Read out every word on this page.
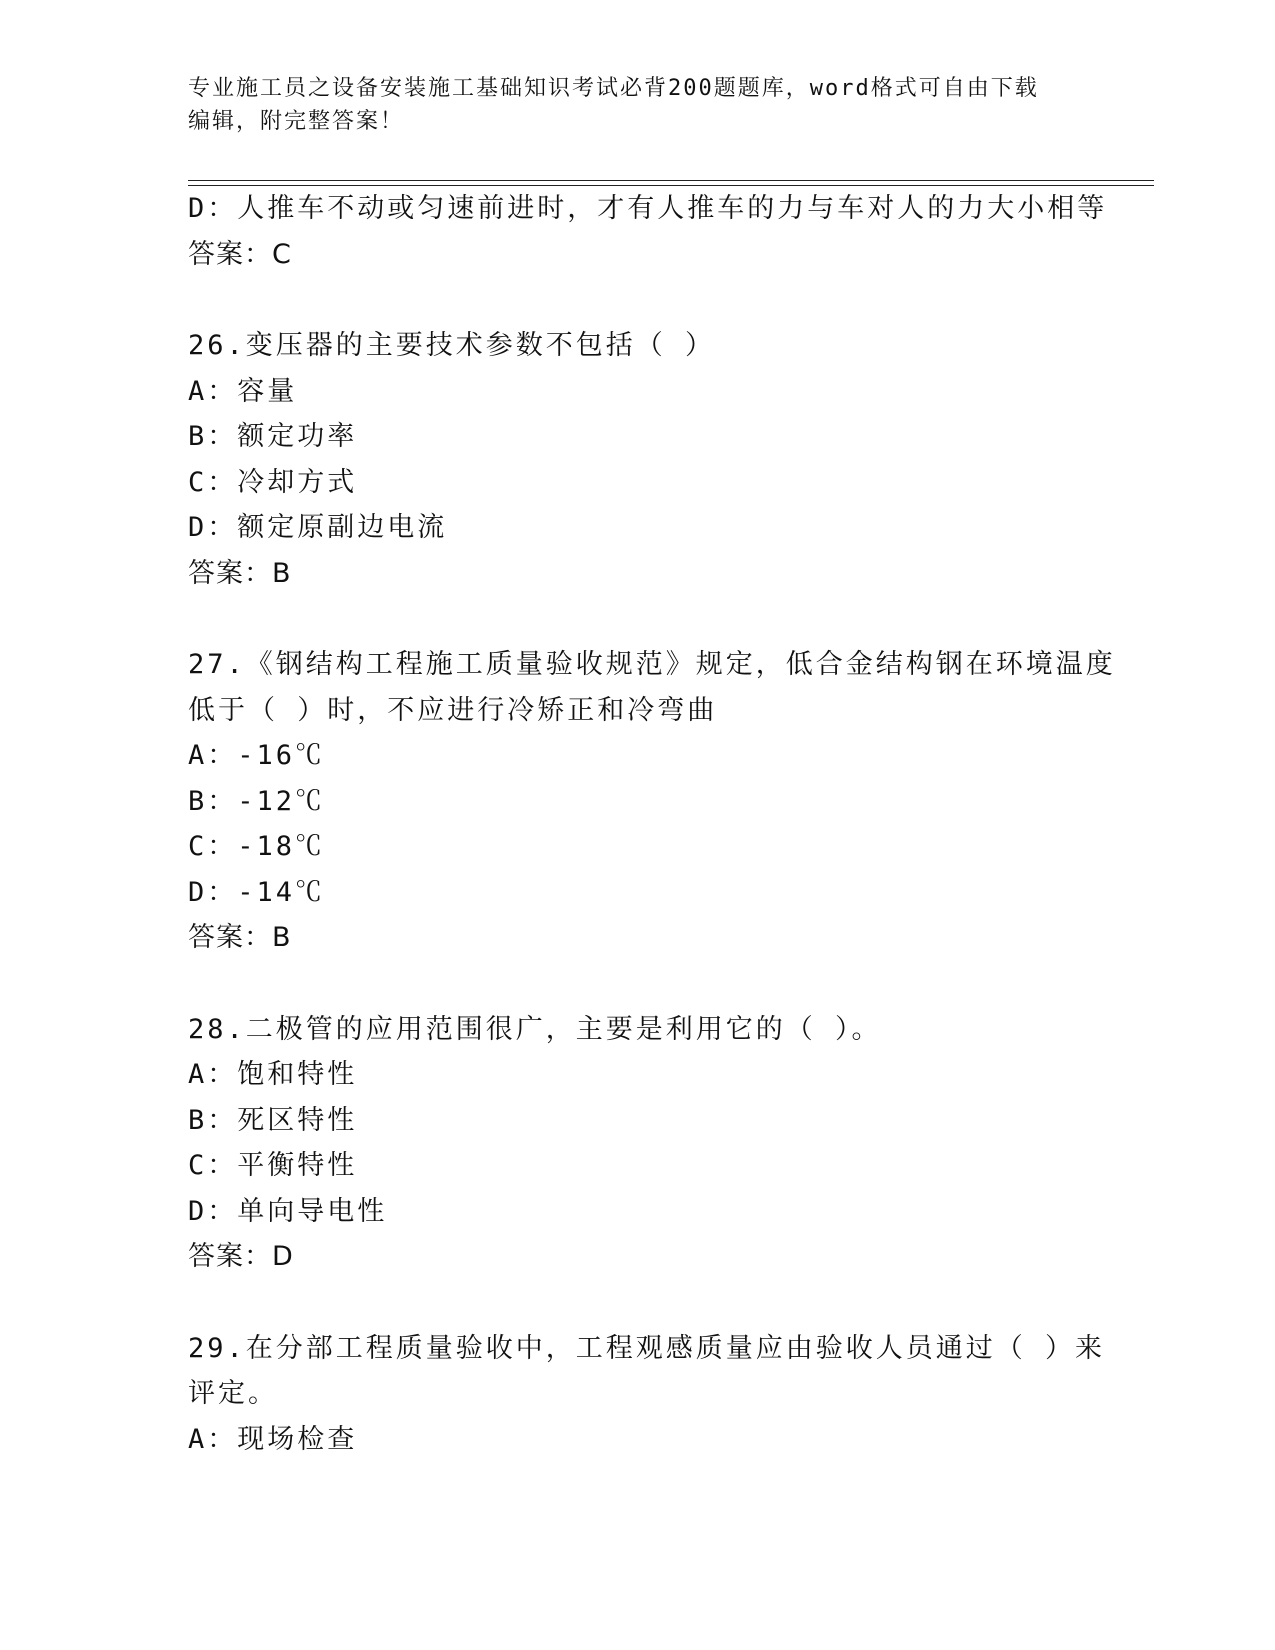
专业施工员之设备安装施工基础知识考试必背200题题库，word格式可自由下载
编辑，附完整答案！
D：人推车不动或匀速前进时，才有人推车的力与车对人的力大小相等
答案：C
26.变压器的主要技术参数不包括（ ）
A：容量
B：额定功率
C：冷却方式
D：额定原副边电流
答案：B
27.《钢结构工程施工质量验收规范》规定，低合金结构钢在环境温度
低于（ ）时，不应进行冷矫正和冷弯曲
A：-16℃
B：-12℃
C：-18℃
D：-14℃
答案：B
28.二极管的应用范围很广，主要是利用它的（ ）。
A：饱和特性
B：死区特性
C：平衡特性
D：单向导电性
答案：D
29.在分部工程质量验收中，工程观感质量应由验收人员通过（ ）来
评定。
A：现场检查
